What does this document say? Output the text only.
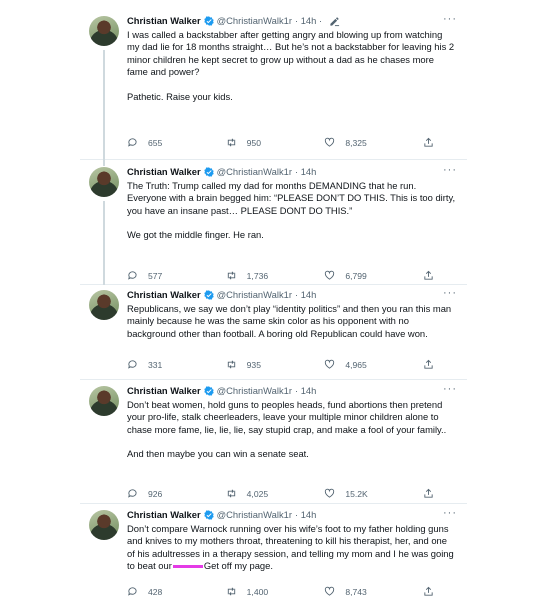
Christian Walker @ChristianWalk1r · 14h ·	···

I was called a backstabber after getting angry and blowing up from watching my dad lie for 18 months straight… But he’s not a backstabber for leaving his 2 minor children he kept secret to grow up without a dad as he chases more fame and power?

Pathetic. Raise your kids.

655	950	8,325
Christian Walker @ChristianWalk1r · 14h	···

The Truth: Trump called my dad for months DEMANDING that he run. Everyone with a brain begged him: “PLEASE DON’T DO THIS. This is too dirty, you have an insane past… PLEASE DONT DO THIS.”

We got the middle finger. He ran.

577	1,736	6,799
Christian Walker @ChristianWalk1r · 14h	···

Republicans, we say we don’t play “identity politics” and then you ran this man mainly because he was the same skin color as his opponent with no background other than football. A boring old Republican could have won.

331	935	4,965
Christian Walker @ChristianWalk1r · 14h	···

Don’t beat women, hold guns to peoples heads, fund abortions then pretend your pro-life, stalk cheerleaders, leave your multiple minor children alone to chase more fame, lie, lie, lie, say stupid crap, and make a fool of your family..

And then maybe you can win a senate seat.

926	4,025	15.2K
Christian Walker @ChristianWalk1r · 14h	···

Don’t compare Warnock running over his wife’s foot to my father holding guns and knives to my mothers throat, threatening to kill his therapist, her, and one of his adultresses in a therapy session, and telling my mom and I he was going to beat our	Get off my page.

428	1,400	8,743
